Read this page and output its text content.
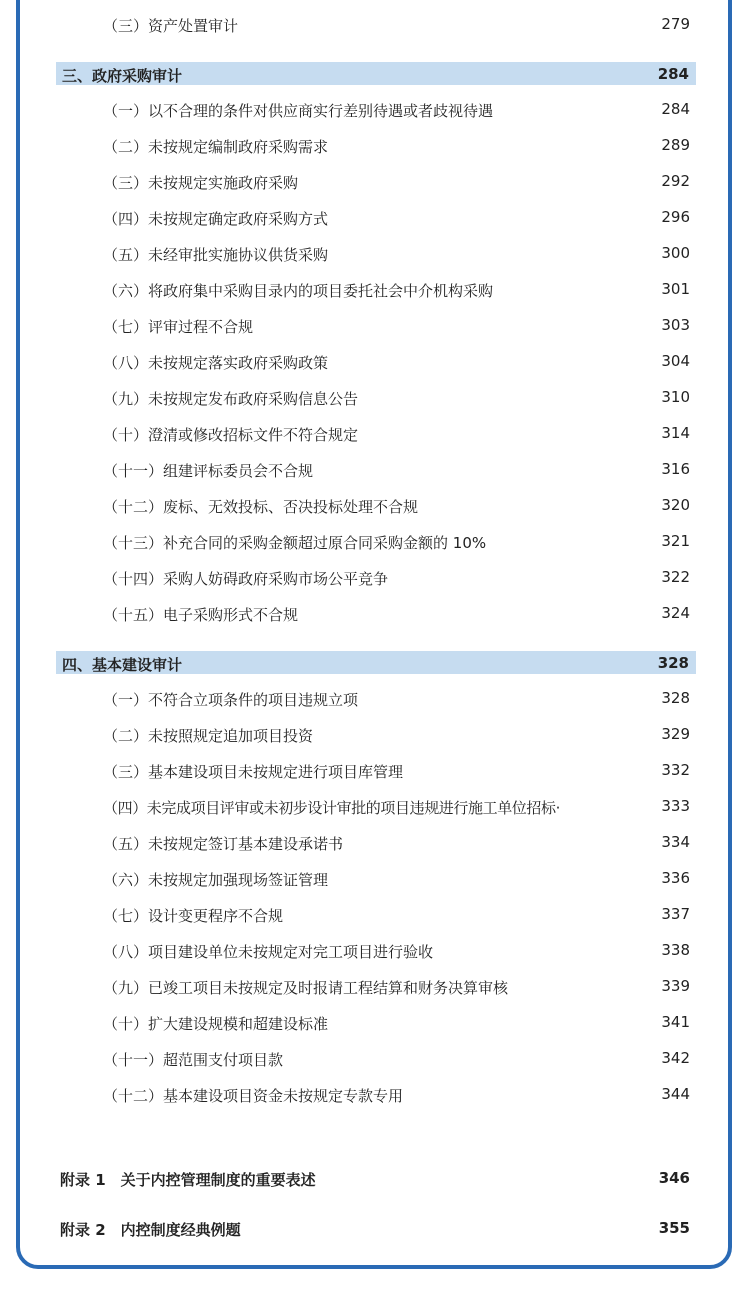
（三）资产处置审计	279
三、政府采购审计	284
（一）以不合理的条件对供应商实行差别待遇或者歧视待遇	284
（二）未按规定编制政府采购需求	289
（三）未按规定实施政府采购	292
（四）未按规定确定政府采购方式	296
（五）未经审批实施协议供货采购	300
（六）将政府集中采购目录内的项目委托社会中介机构采购	301
（七）评审过程不合规	303
（八）未按规定落实政府采购政策	304
（九）未按规定发布政府采购信息公告	310
（十）澄清或修改招标文件不符合规定	314
（十一）组建评标委员会不合规	316
（十二）废标、无效投标、否决投标处理不合规	320
（十三）补充合同的采购金额超过原合同采购金额的 10%	321
（十四）采购人妨碍政府采购市场公平竞争	322
（十五）电子采购形式不合规	324
四、基本建设审计	328
（一）不符合立项条件的项目违规立项	328
（二）未按照规定追加项目投资	329
（三）基本建设项目未按规定进行项目库管理	332
（四）未完成项目评审或未初步设计审批的项目违规进行施工单位招标·	333
（五）未按规定签订基本建设承诺书	334
（六）未按规定加强现场签证管理	336
（七）设计变更程序不合规	337
（八）项目建设单位未按规定对完工项目进行验收	338
（九）已竣工项目未按规定及时报请工程结算和财务决算审核	339
（十）扩大建设规模和超建设标准	341
（十一）超范围支付项目款	342
（十二）基本建设项目资金未按规定专款专用	344
附录 1　关于内控管理制度的重要表述	346
附录 2　内控制度经典例题	355
